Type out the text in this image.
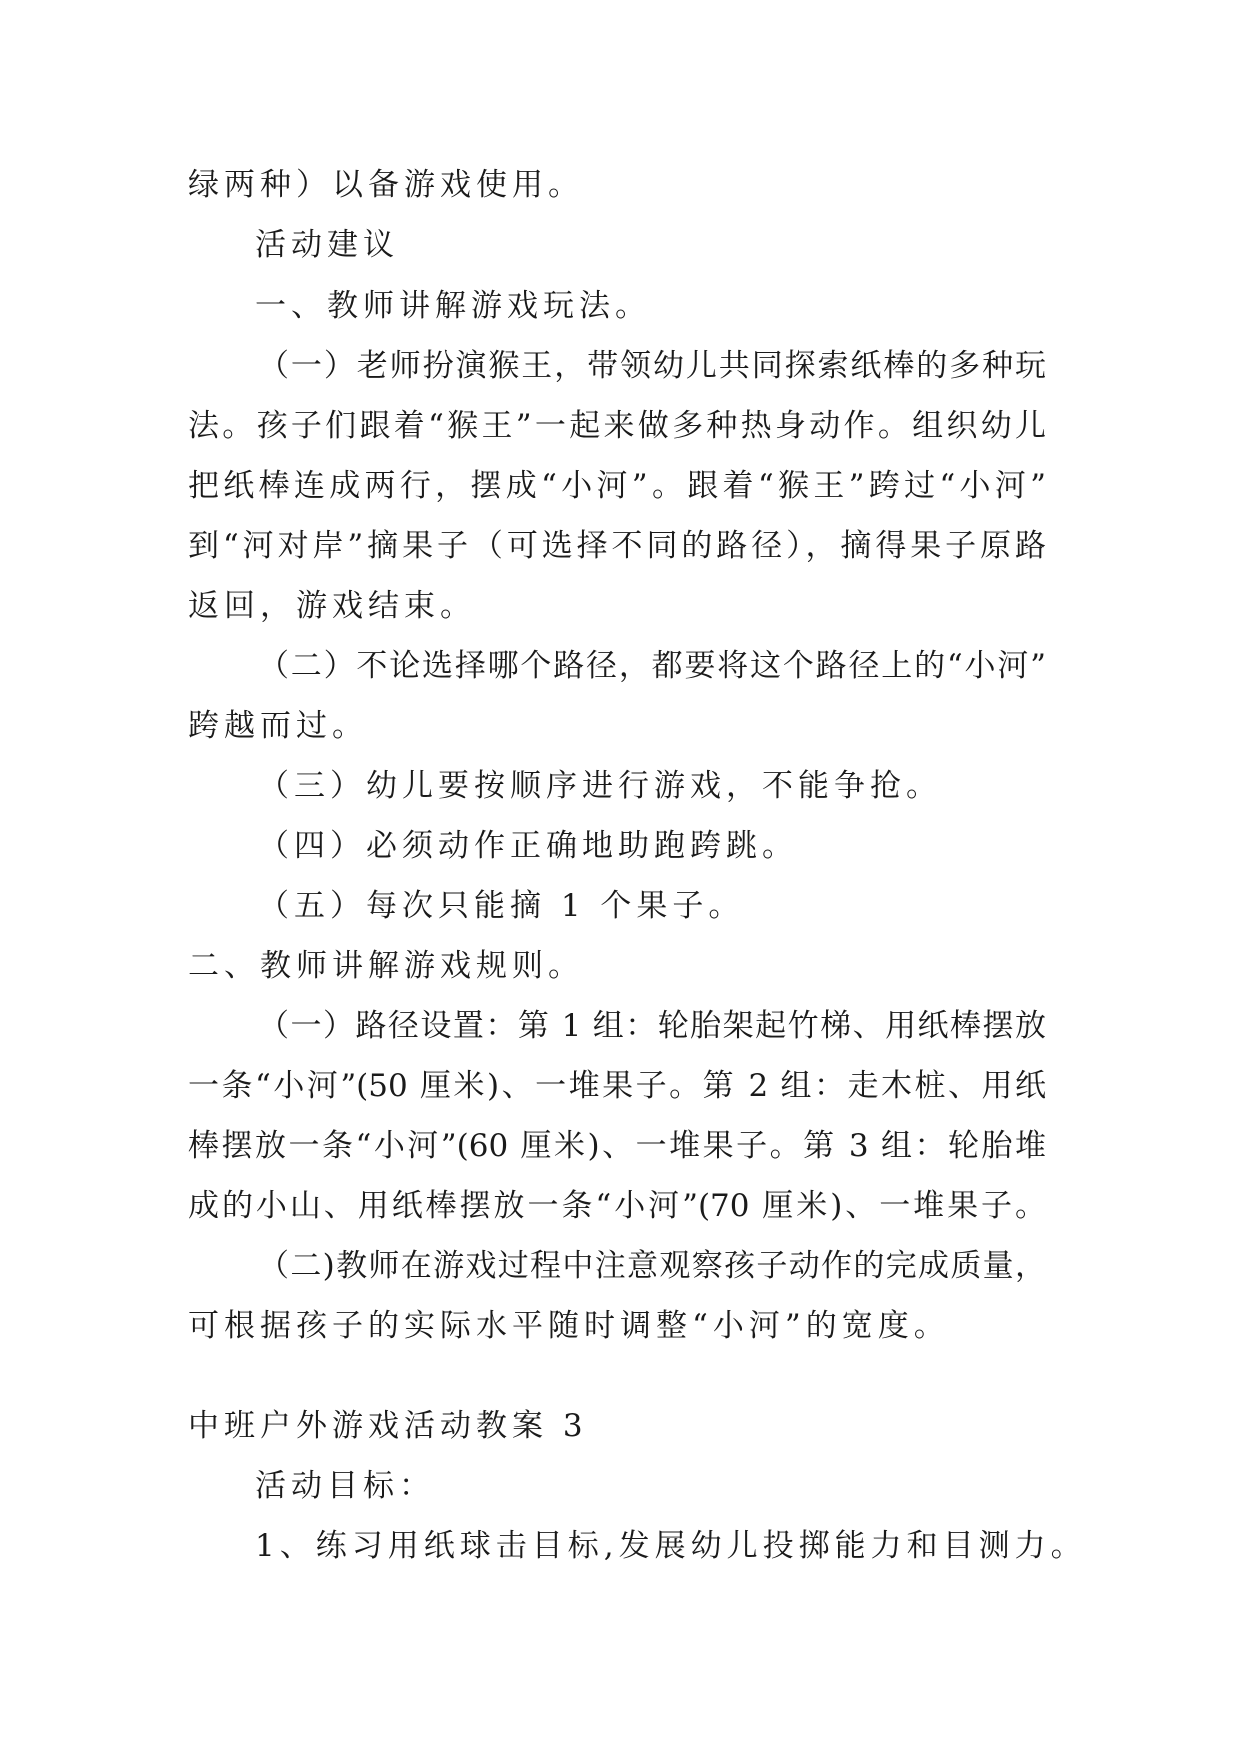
绿两种）以备游戏使用。
活动建议
一、教师讲解游戏玩法。
（一）老师扮演猴王，带领幼儿共同探索纸棒的多种玩
法。孩子们跟着“猴王”一起来做多种热身动作。组织幼儿
把纸棒连成两行，摆成“小河”。跟着“猴王”跨过“小河”
到“河对岸”摘果子（可选择不同的路径），摘得果子原路
返回，游戏结束。
（二）不论选择哪个路径，都要将这个路径上的“小河”
跨越而过。
（三）幼儿要按顺序进行游戏，不能争抢。
（四）必须动作正确地助跑跨跳。
（五）每次只能摘 1 个果子。
二、教师讲解游戏规则。
（一）路径设置：第 1 组：轮胎架起竹梯、用纸棒摆放
一条“小河”(50 厘米)、一堆果子。第 2 组：走木桩、用纸
棒摆放一条“小河”(60 厘米)、一堆果子。第 3 组：轮胎堆
成的小山、用纸棒摆放一条“小河”(70 厘米)、一堆果子。
（二)教师在游戏过程中注意观察孩子动作的完成质量，
可根据孩子的实际水平随时调整“小河”的宽度。
中班户外游戏活动教案 3
活动目标：
1、练习用纸球击目标,发展幼儿投掷能力和目测力。
